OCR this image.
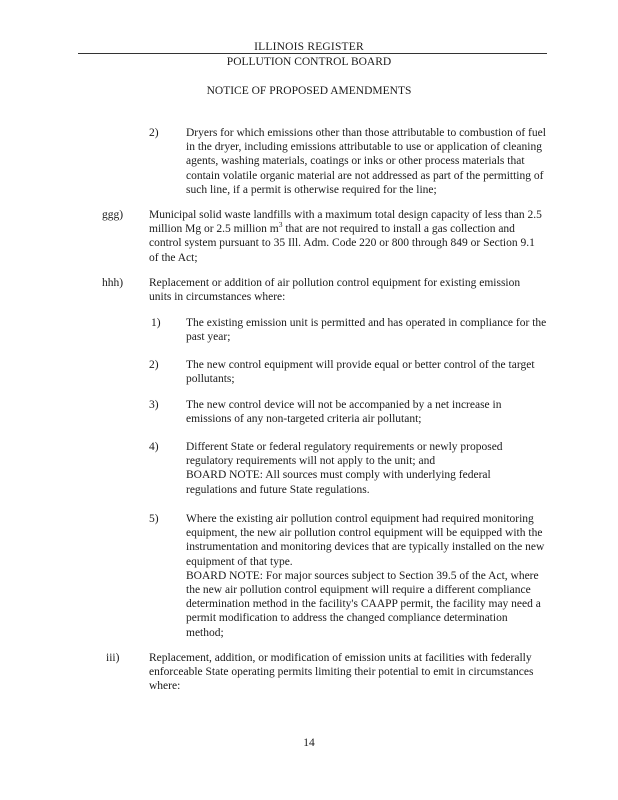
ILLINOIS REGISTER
POLLUTION CONTROL BOARD
NOTICE OF PROPOSED AMENDMENTS
2) Dryers for which emissions other than those attributable to combustion of fuel in the dryer, including emissions attributable to use or application of cleaning agents, washing materials, coatings or inks or other process materials that contain volatile organic material are not addressed as part of the permitting of such line, if a permit is otherwise required for the line;
ggg) Municipal solid waste landfills with a maximum total design capacity of less than 2.5 million Mg or 2.5 million $m^3$ that are not required to install a gas collection and control system pursuant to 35 Ill. Adm. Code 220 or 800 through 849 or Section 9.1 of the Act;
hhh) Replacement or addition of air pollution control equipment for existing emission units in circumstances where:
1) The existing emission unit is permitted and has operated in compliance for the past year;
2) The new control equipment will provide equal or better control of the target pollutants;
3) The new control device will not be accompanied by a net increase in emissions of any non-targeted criteria air pollutant;
4) Different State or federal regulatory requirements or newly proposed regulatory requirements will not apply to the unit; and
BOARD NOTE: All sources must comply with underlying federal regulations and future State regulations.
5) Where the existing air pollution control equipment had required monitoring equipment, the new air pollution control equipment will be equipped with the instrumentation and monitoring devices that are typically installed on the new equipment of that type.
BOARD NOTE: For major sources subject to Section 39.5 of the Act, where the new air pollution control equipment will require a different compliance determination method in the facility's CAAPP permit, the facility may need a permit modification to address the changed compliance determination method;
iii)	Replacement, addition, or modification of emission units at facilities with federally enforceable State operating permits limiting their potential to emit in circumstances where:
14
